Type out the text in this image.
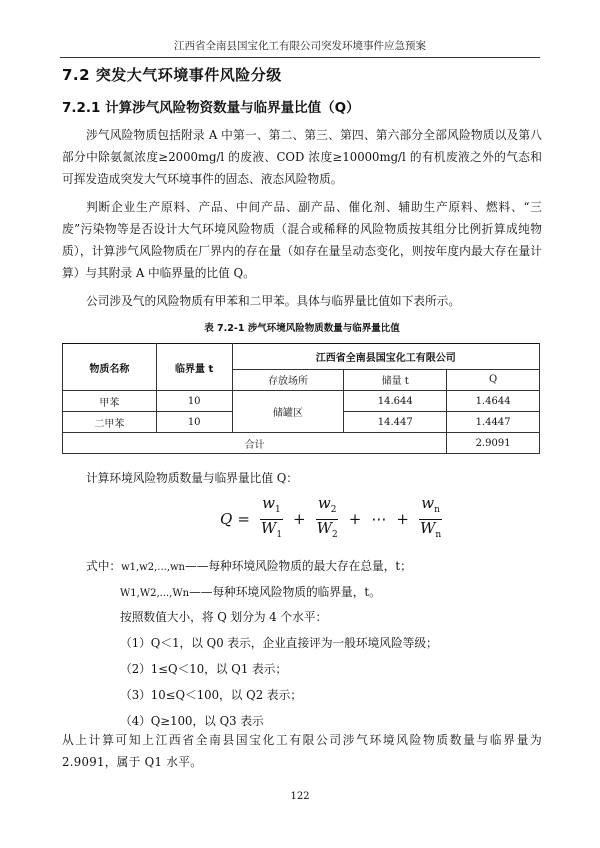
江西省全南县国宝化工有限公司突发环境事件应急预案
7.2 突发大气环境事件风险分级
7.2.1 计算涉气风险物资数量与临界量比值（Q）
涉气风险物质包括附录 A 中第一、第二、第三、第四、第六部分全部风险物质以及第八部分中除氨氮浓度≥2000mg/l 的废液、COD 浓度≥10000mg/l 的有机废液之外的气态和可挥发造成突发大气环境事件的固态、液态风险物质。
判断企业生产原料、产品、中间产品、副产品、催化剂、辅助生产原料、燃料、“三废”污染物等是否设计大气环境风险物质（混合或稀释的风险物质按其组分比例折算成纯物质），计算涉气风险物质在厂界内的存在量（如存在量呈动态变化，则按年度内最大存在量计算）与其附录 A 中临界量的比值 Q。
公司涉及气的风险物质有甲苯和二甲苯。具体与临界量比值如下表所示。
表 7.2-1 涉气环境风险物质数量与临界量比值
物质名称	临界量 t	江西省全南县国宝化工有限公司		
		存放场所	储量 t	Q
甲苯	10	储罐区	14.644	1.4644
二甲苯	10		14.447	1.4447
合计				2.9091
计算环境风险物质数量与临界量比值 Q：
$Q = \frac{w_1}{W_1} + \frac{w_2}{W_2}$ + ⋯ + $\frac{w_n}{W_n}$
式中：w1,w2,...,wn——每种环境风险物质的最大存在总量，t；
W1,W2,...,Wn——每种环境风险物质的临界量，t。
按照数值大小，将 Q 划分为 4 个水平：
（1）Q＜1，以 Q0 表示，企业直接评为一般环境风险等级；
（2）1≤Q＜10，以 Q1 表示；
（3）10≤Q＜100，以 Q2 表示；
（4）Q≥100，以 Q3 表示
从上计算可知上江西省全南县国宝化工有限公司涉气环境风险物质数量与临界量为 2.9091，属于 Q1 水平。
122
